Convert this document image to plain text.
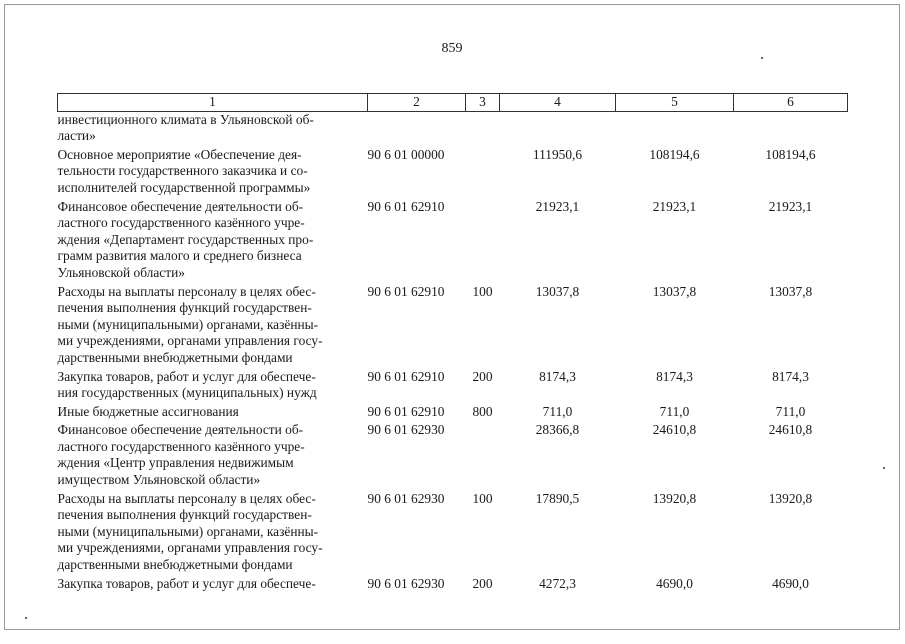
859
1	2	3	4	5	6
инвестиционного климата в Ульяновской об-
ласти»					
Основное мероприятие «Обеспечение дея-
тельности государственного заказчика и со-
исполнителей государственной программы»	90 6 01 00000		111950,6	108194,6	108194,6
Финансовое обеспечение деятельности об-
ластного государственного казённого учре-
ждения «Департамент государственных про-
грамм развития малого и среднего бизнеса
Ульяновской области»	90 6 01 62910		21923,1	21923,1	21923,1
Расходы на выплаты персоналу в целях обес-
печения выполнения функций государствен-
ными (муниципальными) органами, казённы-
ми учреждениями, органами управления госу-
дарственными внебюджетными фондами	90 6 01 62910	100	13037,8	13037,8	13037,8
Закупка товаров, работ и услуг для обеспече-
ния государственных (муниципальных) нужд	90 6 01 62910	200	8174,3	8174,3	8174,3
Иные бюджетные ассигнования	90 6 01 62910	800	711,0	711,0	711,0
Финансовое обеспечение деятельности об-
ластного государственного казённого учре-
ждения «Центр управления недвижимым
имуществом Ульяновской области»	90 6 01 62930		28366,8	24610,8	24610,8
Расходы на выплаты персоналу в целях обес-
печения выполнения функций государствен-
ными (муниципальными) органами, казённы-
ми учреждениями, органами управления госу-
дарственными внебюджетными фондами	90 6 01 62930	100	17890,5	13920,8	13920,8
Закупка товаров, работ и услуг для обеспече-	90 6 01 62930	200	4272,3	4690,0	4690,0
